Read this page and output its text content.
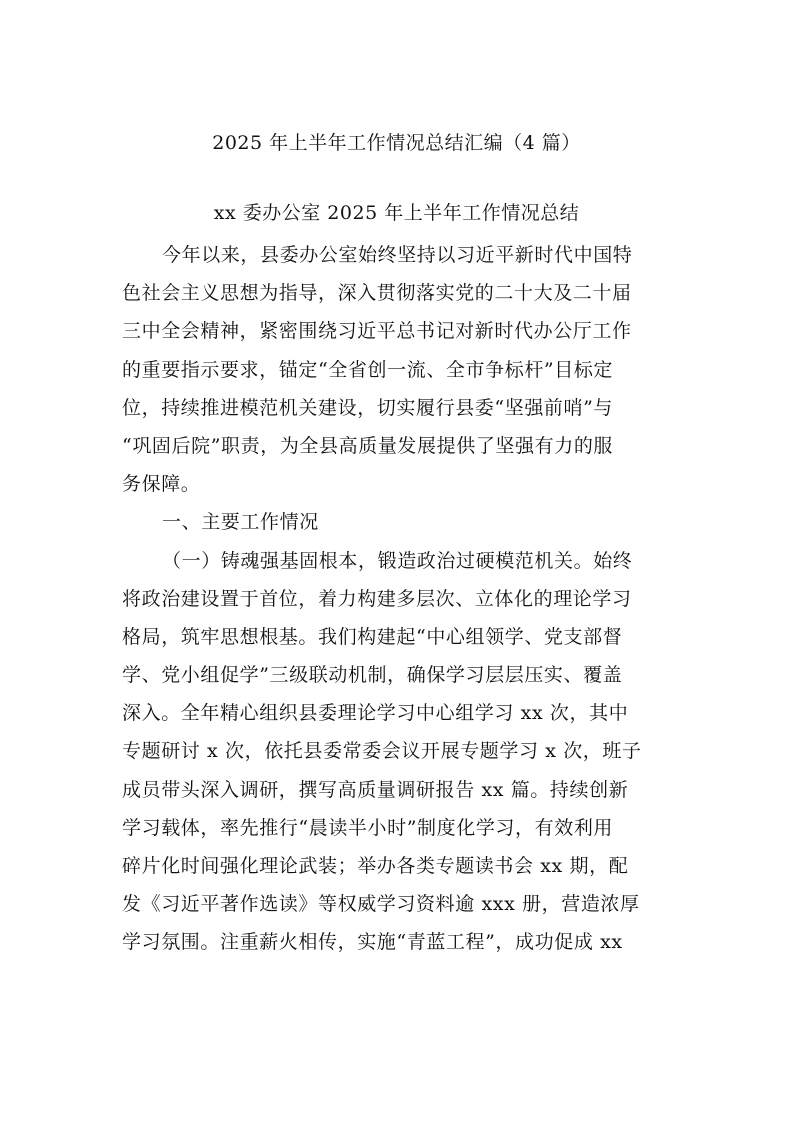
2025 年上半年工作情况总结汇编（4 篇）
xx 委办公室 2025 年上半年工作情况总结
今年以来，县委办公室始终坚持以习近平新时代中国特
色社会主义思想为指导，深入贯彻落实党的二十大及二十届
三中全会精神，紧密围绕习近平总书记对新时代办公厅工作
的重要指示要求，锚定“全省创一流、全市争标杆”目标定
位，持续推进模范机关建设，切实履行县委“坚强前哨”与
“巩固后院”职责，为全县高质量发展提供了坚强有力的服
务保障。
一、主要工作情况
（一）铸魂强基固根本，锻造政治过硬模范机关。始终
将政治建设置于首位，着力构建多层次、立体化的理论学习
格局，筑牢思想根基。我们构建起“中心组领学、党支部督
学、党小组促学”三级联动机制，确保学习层层压实、覆盖
深入。全年精心组织县委理论学习中心组学习 xx 次，其中
专题研讨 x 次，依托县委常委会议开展专题学习 x 次，班子
成员带头深入调研，撰写高质量调研报告 xx 篇。持续创新
学习载体，率先推行“晨读半小时”制度化学习，有效利用
碎片化时间强化理论武装；举办各类专题读书会 xx 期，配
发《习近平著作选读》等权威学习资料逾 xxx 册，营造浓厚
学习氛围。注重薪火相传，实施“青蓝工程”，成功促成 xx
